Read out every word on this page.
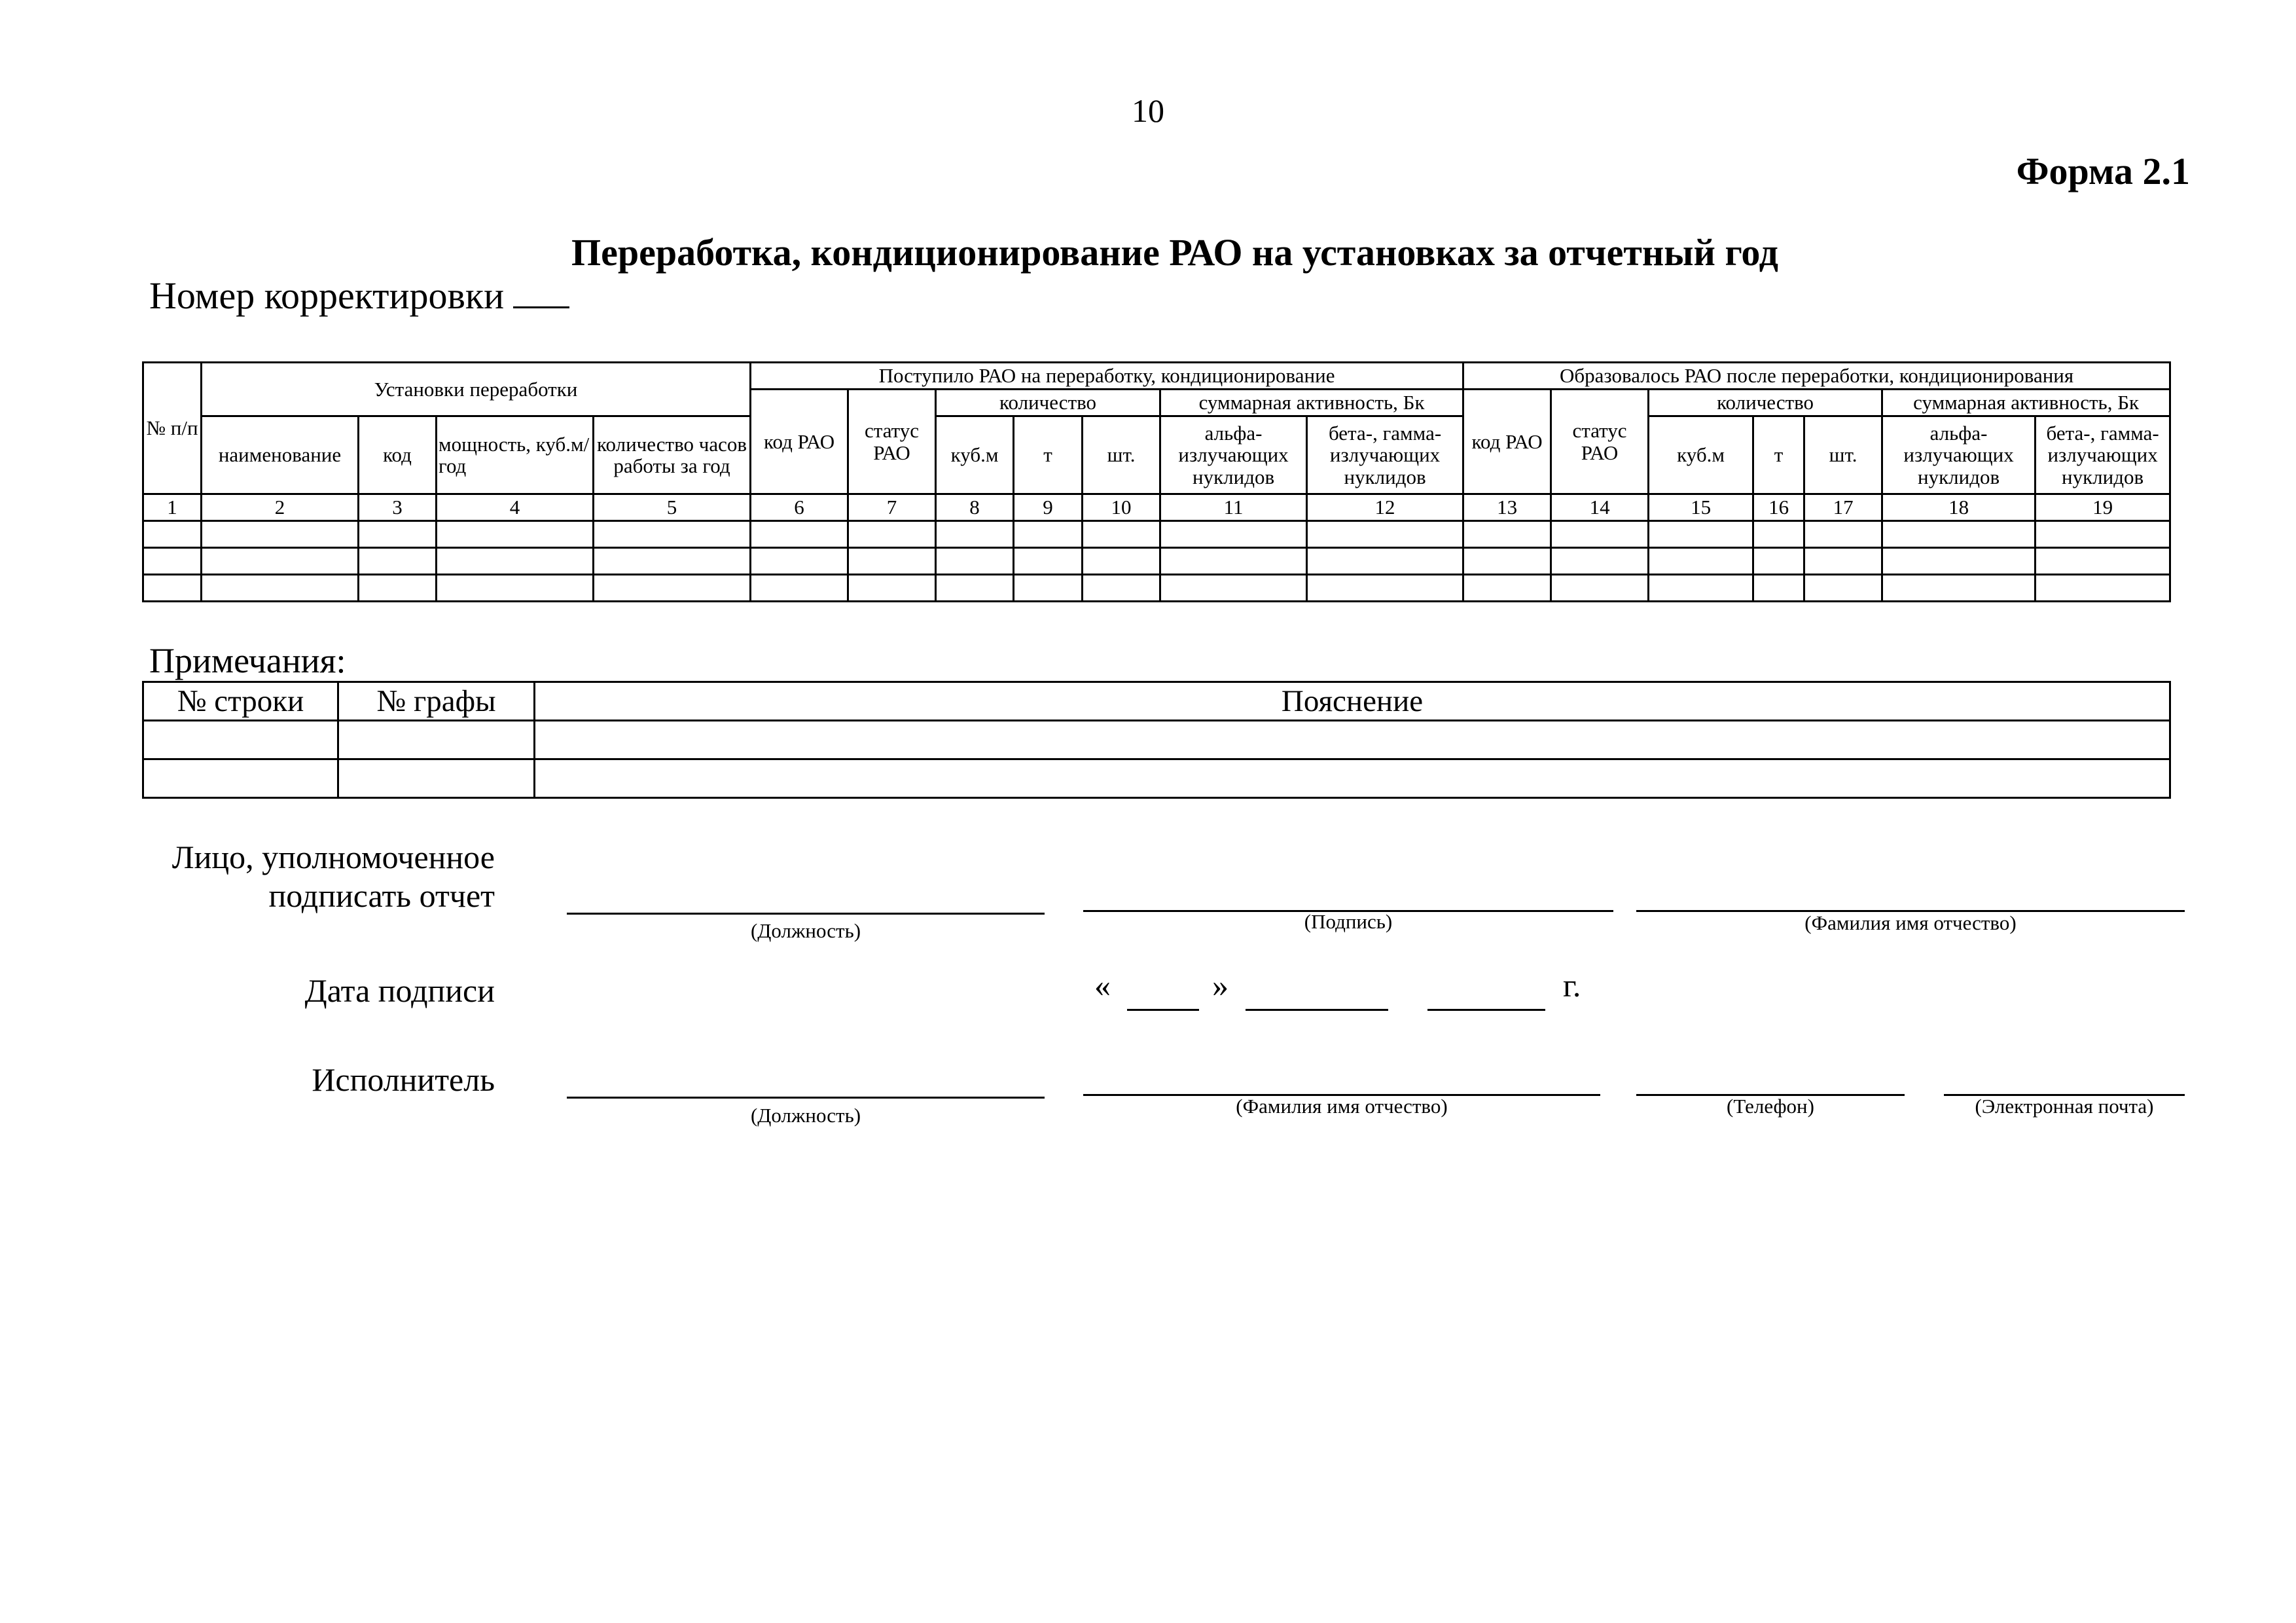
10
Форма 2.1
Переработка, кондиционирование РАО на установках за отчетный год
Номер корректировки
№ п/п	Установки переработки				Поступило РАО на переработку, кондиционирование							Образовалось РАО после переработки, кондиционирования						
					код РАО	статус РАО	количество			суммарная активность, Бк		код РАО	статус РАО	количество			суммарная активность, Бк	
	наименование	код	мощность, куб.м/год	количество часов работы за год			куб.м	т	шт.	альфа-излучающих нуклидов	бета-, гамма-излучающих нуклидов			куб.м	т	шт.	альфа-излучающих нуклидов	бета-, гамма-излучающих нуклидов
1	2	3	4	5	6	7	8	9	10	11	12	13	14	15	16	17	18	19

Примечания:
№ строки	№ графы	Пояснение

Лицо, уполномоченное
подписать отчет
(Должность)	(Подпись)	(Фамилия имя отчество)
Дата подписи	«	»	г.
Исполнитель
(Должность)	(Фамилия имя отчество)	(Телефон)	(Электронная почта)
